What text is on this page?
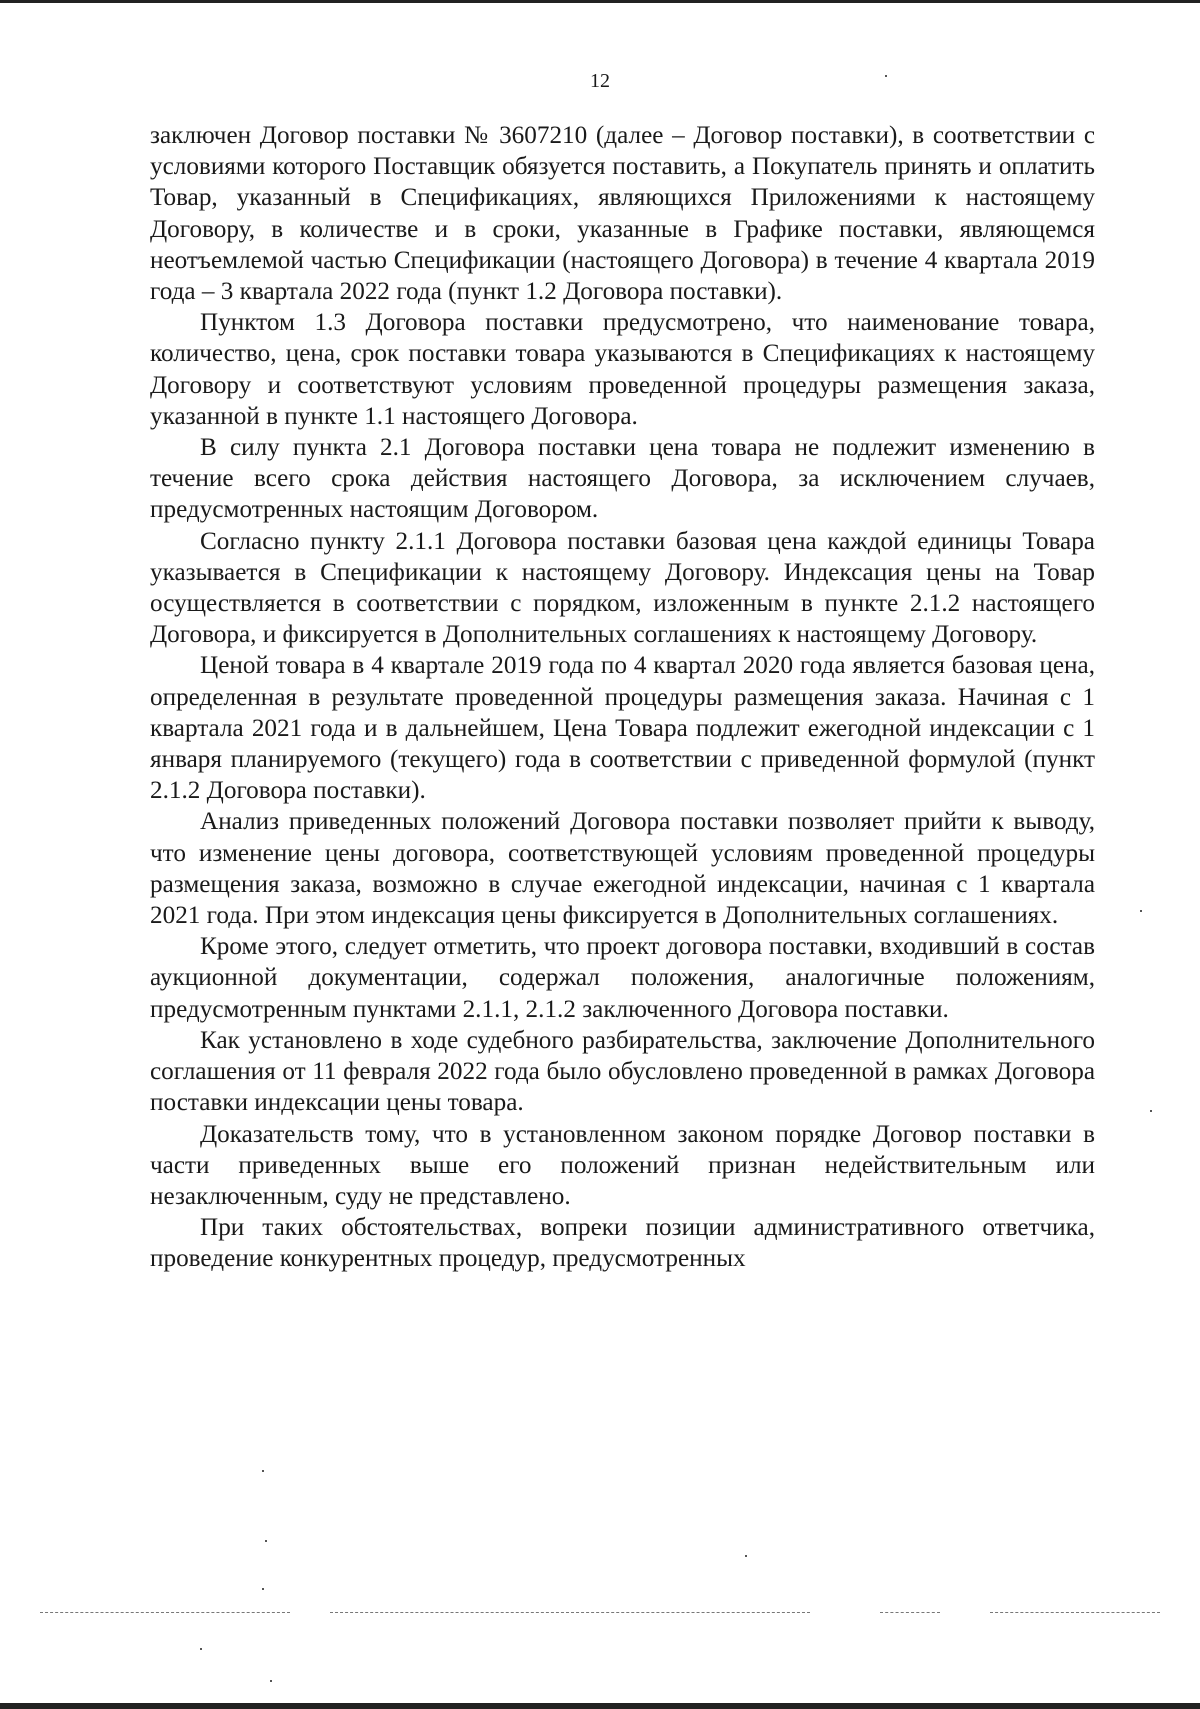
12

заключен Договор поставки № 3607210 (далее – Договор поставки), в соответствии с условиями которого Поставщик обязуется поставить, а Покупатель принять и оплатить Товар, указанный в Спецификациях, являющихся Приложениями к настоящему Договору, в количестве и в сроки, указанные в Графике поставки, являющемся неотъемлемой частью Спецификации (настоящего Договора) в течение 4 квартала 2019 года – 3 квартала 2022 года (пункт 1.2 Договора поставки).

Пунктом 1.3 Договора поставки предусмотрено, что наименование товара, количество, цена, срок поставки товара указываются в Спецификациях к настоящему Договору и соответствуют условиям проведенной процедуры размещения заказа, указанной в пункте 1.1 настоящего Договора.

В силу пункта 2.1 Договора поставки цена товара не подлежит изменению в течение всего срока действия настоящего Договора, за исключением случаев, предусмотренных настоящим Договором.

Согласно пункту 2.1.1 Договора поставки базовая цена каждой единицы Товара указывается в Спецификации к настоящему Договору. Индексация цены на Товар осуществляется в соответствии с порядком, изложенным в пункте 2.1.2 настоящего Договора, и фиксируется в Дополнительных соглашениях к настоящему Договору.

Ценой товара в 4 квартале 2019 года по 4 квартал 2020 года является базовая цена, определенная в результате проведенной процедуры размещения заказа. Начиная с 1 квартала 2021 года и в дальнейшем, Цена Товара подлежит ежегодной индексации с 1 января планируемого (текущего) года в соответствии с приведенной формулой (пункт 2.1.2 Договора поставки).

Анализ приведенных положений Договора поставки позволяет прийти к выводу, что изменение цены договора, соответствующей условиям проведенной процедуры размещения заказа, возможно в случае ежегодной индексации, начиная с 1 квартала 2021 года. При этом индексация цены фиксируется в Дополнительных соглашениях.

Кроме этого, следует отметить, что проект договора поставки, входивший в состав аукционной документации, содержал положения, аналогичные положениям, предусмотренным пунктами 2.1.1, 2.1.2 заключенного Договора поставки.

Как установлено в ходе судебного разбирательства, заключение Дополнительного соглашения от 11 февраля 2022 года было обусловлено проведенной в рамках Договора поставки индексации цены товара.

Доказательств тому, что в установленном законом порядке Договор поставки в части приведенных выше его положений признан недействительным или незаключенным, суду не представлено.

При таких обстоятельствах, вопреки позиции административного ответчика, проведение конкурентных процедур, предусмотренных
